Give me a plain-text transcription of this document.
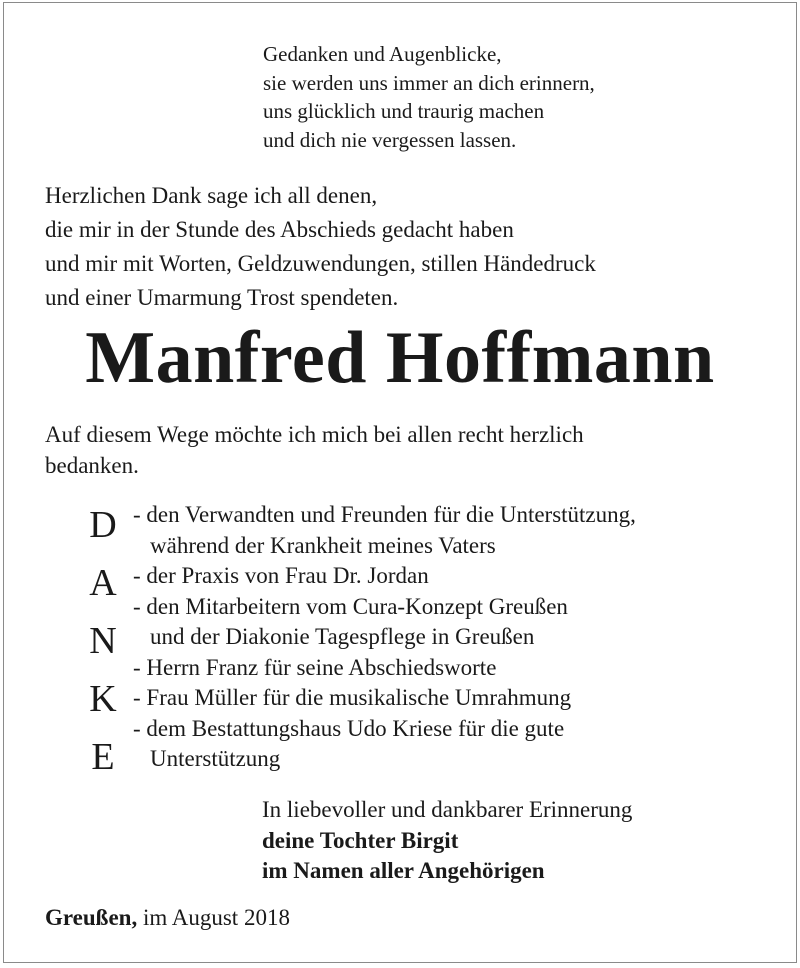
Gedanken und Augenblicke,
sie werden uns immer an dich erinnern,
uns glücklich und traurig machen
und dich nie vergessen lassen.
Herzlichen Dank sage ich all denen,
die mir in der Stunde des Abschieds gedacht haben
und mir mit Worten, Geldzuwendungen, stillen Händedruck
und einer Umarmung Trost spendeten.
Manfred Hoffmann
Auf diesem Wege möchte ich mich bei allen recht herzlich
bedanken.
D
A
N
K
E
- den Verwandten und Freunden für die Unterstützung,
während der Krankheit meines Vaters
- der Praxis von Frau Dr. Jordan
- den Mitarbeitern vom Cura-Konzept Greußen
und der Diakonie Tagespflege in Greußen
- Herrn Franz für seine Abschiedsworte
- Frau Müller für die musikalische Umrahmung
- dem Bestattungshaus Udo Kriese für die gute
Unterstützung
In liebevoller und dankbarer Erinnerung
deine Tochter Birgit
im Namen aller Angehörigen
Greußen, im August 2018
